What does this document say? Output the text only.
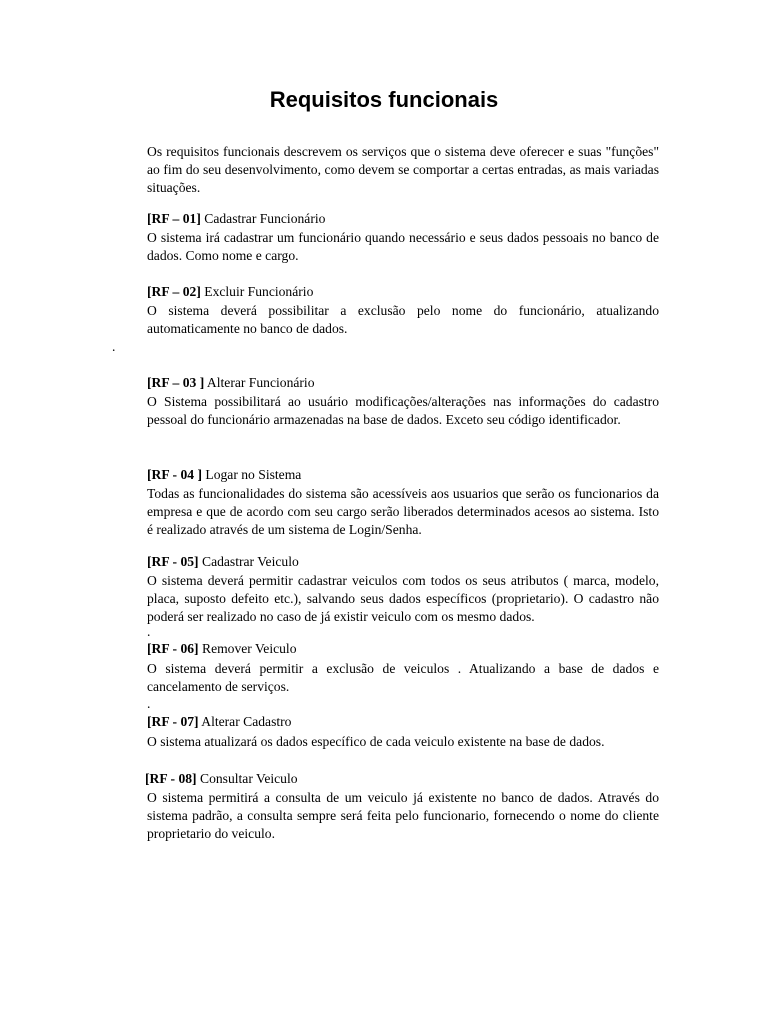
Requisitos funcionais

Os requisitos funcionais descrevem os serviços que o sistema deve oferecer e suas "funções" ao fim do seu desenvolvimento, como devem se comportar a certas entradas, as mais variadas situações.

[RF – 01] Cadastrar Funcionário

O sistema irá cadastrar um funcionário quando necessário e seus dados pessoais no banco de dados. Como nome e cargo.

[RF – 02] Excluir Funcionário

O sistema deverá possibilitar a exclusão pelo nome do funcionário, atualizando automaticamente no banco de dados.

.

[RF – 03 ] Alterar Funcionário

O Sistema possibilitará ao usuário modificações/alterações nas informações do cadastro pessoal do funcionário armazenadas na base de dados. Exceto seu código identificador.

[RF - 04 ] Logar no Sistema

Todas as funcionalidades do sistema são acessíveis aos usuarios que serão os funcionarios da empresa e que de acordo com seu cargo serão liberados determinados acesos ao sistema. Isto é realizado através de um sistema de Login/Senha.

[RF - 05] Cadastrar Veiculo

O sistema deverá permitir cadastrar veiculos com todos os seus atributos ( marca, modelo, placa, suposto defeito etc.), salvando seus dados específicos (proprietario). O cadastro não poderá ser realizado no caso de já existir veiculo com os mesmo dados.

.

[RF - 06] Remover Veiculo

O sistema deverá permitir a exclusão de veiculos . Atualizando a base de dados e cancelamento de serviços.

.

[RF - 07] Alterar Cadastro

O sistema atualizará os dados específico de cada veiculo existente na base de dados.

[RF - 08] Consultar Veiculo

O sistema permitirá a consulta de um veiculo já existente no banco de dados. Através do sistema padrão, a consulta sempre será feita pelo funcionario, fornecendo o nome do cliente proprietario do veiculo.
